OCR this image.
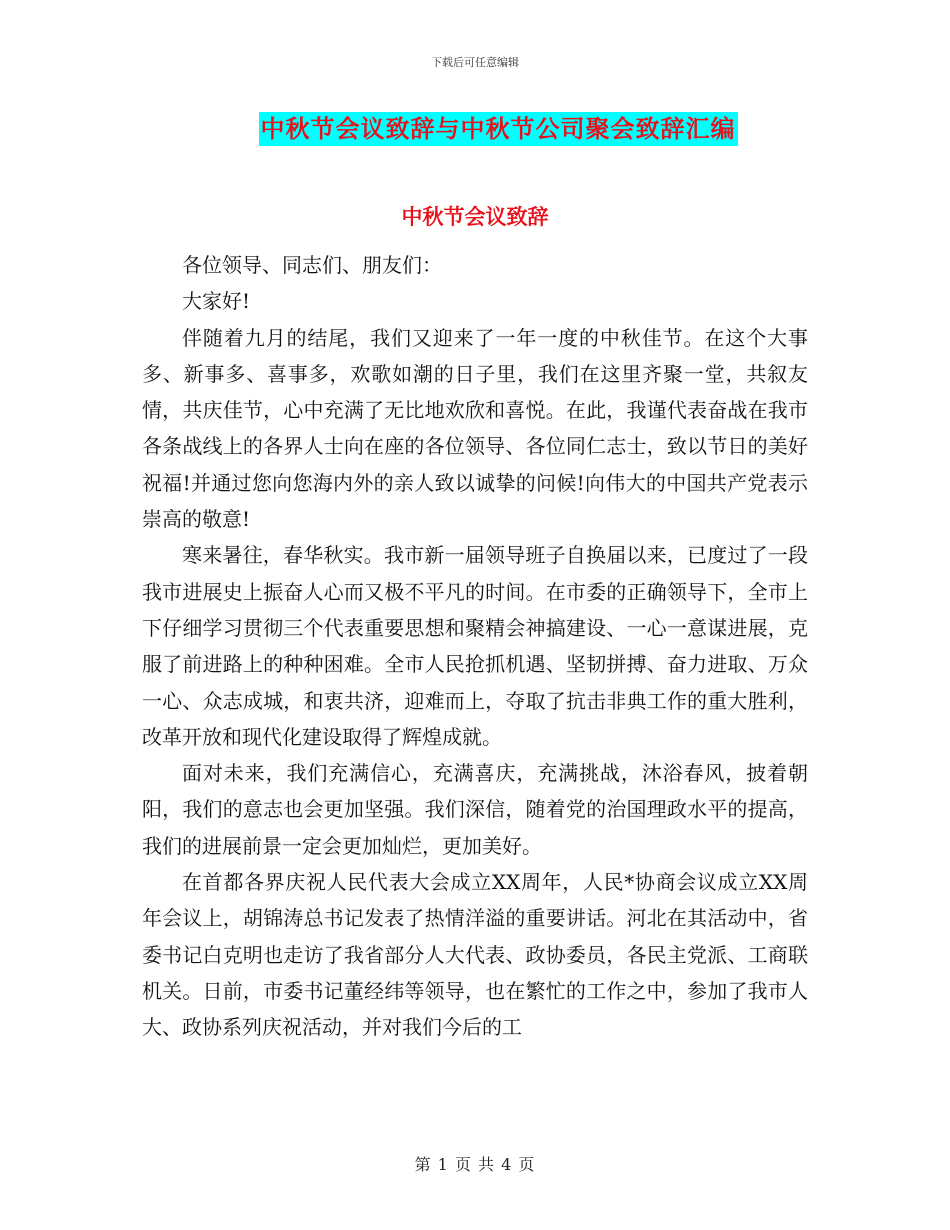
下载后可任意编辑
中秋节会议致辞与中秋节公司聚会致辞汇编
中秋节会议致辞

各位领导、同志们、朋友们：

大家好!

伴随着九月的结尾，我们又迎来了一年一度的中秋佳节。在这个大事多、新事多、喜事多，欢歌如潮的日子里，我们在这里齐聚一堂，共叙友情，共庆佳节，心中充满了无比地欢欣和喜悦。在此，我谨代表奋战在我市各条战线上的各界人士向在座的各位领导、各位同仁志士，致以节日的美好祝福!并通过您向您海内外的亲人致以诚挚的问候!向伟大的中国共产党表示崇高的敬意!

寒来暑往，春华秋实。我市新一届领导班子自换届以来，已度过了一段我市进展史上振奋人心而又极不平凡的时间。在市委的正确领导下，全市上下仔细学习贯彻三个代表重要思想和聚精会神搞建设、一心一意谋进展，克服了前进路上的种种困难。全市人民抢抓机遇、坚韧拼搏、奋力进取、万众一心、众志成城，和衷共济，迎难而上，夺取了抗击非典工作的重大胜利，改革开放和现代化建设取得了辉煌成就。

面对未来，我们充满信心，充满喜庆，充满挑战，沐浴春风，披着朝阳，我们的意志也会更加坚强。我们深信，随着党的治国理政水平的提高，我们的进展前景一定会更加灿烂，更加美好。

在首都各界庆祝人民代表大会成立XX周年，人民*协商会议成立XX周年会议上，胡锦涛总书记发表了热情洋溢的重要讲话。河北在其活动中，省委书记白克明也走访了我省部分人大代表、政协委员，各民主党派、工商联机关。日前，市委书记董经纬等领导，也在繁忙的工作之中，参加了我市人大、政协系列庆祝活动，并对我们今后的工

第 1 页 共 4 页
